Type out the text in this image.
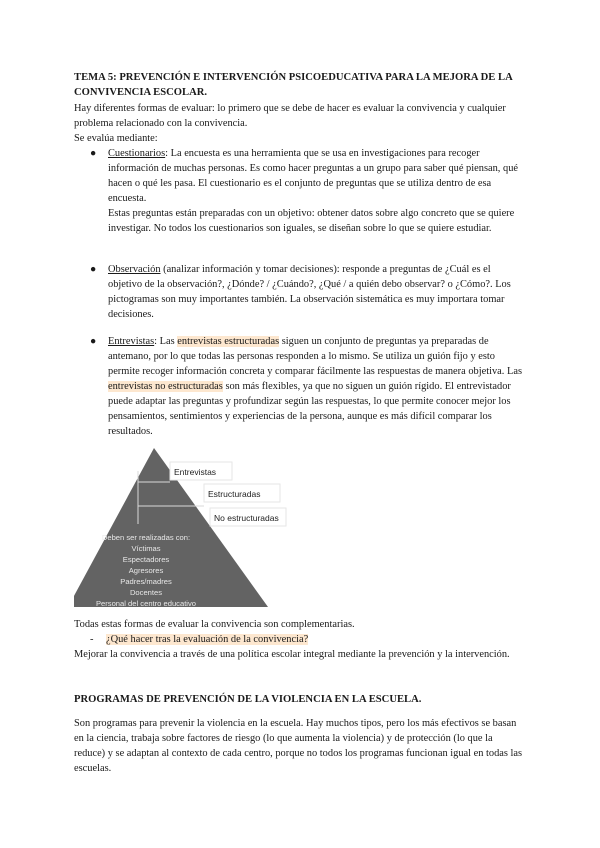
TEMA 5: PREVENCIÓN E INTERVENCIÓN PSICOEDUCATIVA PARA LA MEJORA DE LA CONVIVENCIA ESCOLAR.

Hay diferentes formas de evaluar: lo primero que se debe de hacer es evaluar la convivencia y cualquier problema relacionado con la convivencia.

Se evalúa mediante:

● Cuestionarios: La encuesta es una herramienta que se usa en investigaciones para recoger información de muchas personas. Es como hacer preguntas a un grupo para saber qué piensan, qué hacen o qué les pasa. El cuestionario es el conjunto de preguntas que se utiliza dentro de esa encuesta.
Estas preguntas están preparadas con un objetivo: obtener datos sobre algo concreto que se quiere investigar. No todos los cuestionarios son iguales, se diseñan sobre lo que se quiere estudiar.
● Observación (analizar información y tomar decisiones): responde a preguntas de ¿Cuál es el objetivo de la observación?, ¿Dónde? / ¿Cuándo?, ¿Qué / a quién debo observar? o ¿Cómo?. Los pictogramas son muy importantes también. La observación sistemática es muy importara tomar decisiones.
● Entrevistas: Las entrevistas estructuradas siguen un conjunto de preguntas ya preparadas de antemano, por lo que todas las personas responden a lo mismo. Se utiliza un guión fijo y esto permite recoger información concreta y comparar fácilmente las respuestas de manera objetiva. Las entrevistas no estructuradas son más flexibles, ya que no siguen un guión rígido. El entrevistador puede adaptar las preguntas y profundizar según las respuestas, lo que permite conocer mejor los pensamientos, sentimientos y experiencias de la persona, aunque es más difícil comparar los resultados.
Entrevistas
Estructuradas
No estructuradas
Deben ser realizadas con:
Víctimas
Espectadores
Agresores
Padres/madres
Docentes
Personal del centro educativo

Todas estas formas de evaluar la convivencia son complementarias.

- ¿Qué hacer tras la evaluación de la convivencia?

Mejorar la convivencia a través de una política escolar integral mediante la prevención y la intervención.

PROGRAMAS DE PREVENCIÓN DE LA VIOLENCIA EN LA ESCUELA.

Son programas para prevenir la violencia en la escuela. Hay muchos tipos, pero los más efectivos se basan en la ciencia, trabaja sobre factores de riesgo (lo que aumenta la violencia) y de protección (lo que la reduce) y se adaptan al contexto de cada centro, porque no todos los programas funcionan igual en todas las escuelas.
